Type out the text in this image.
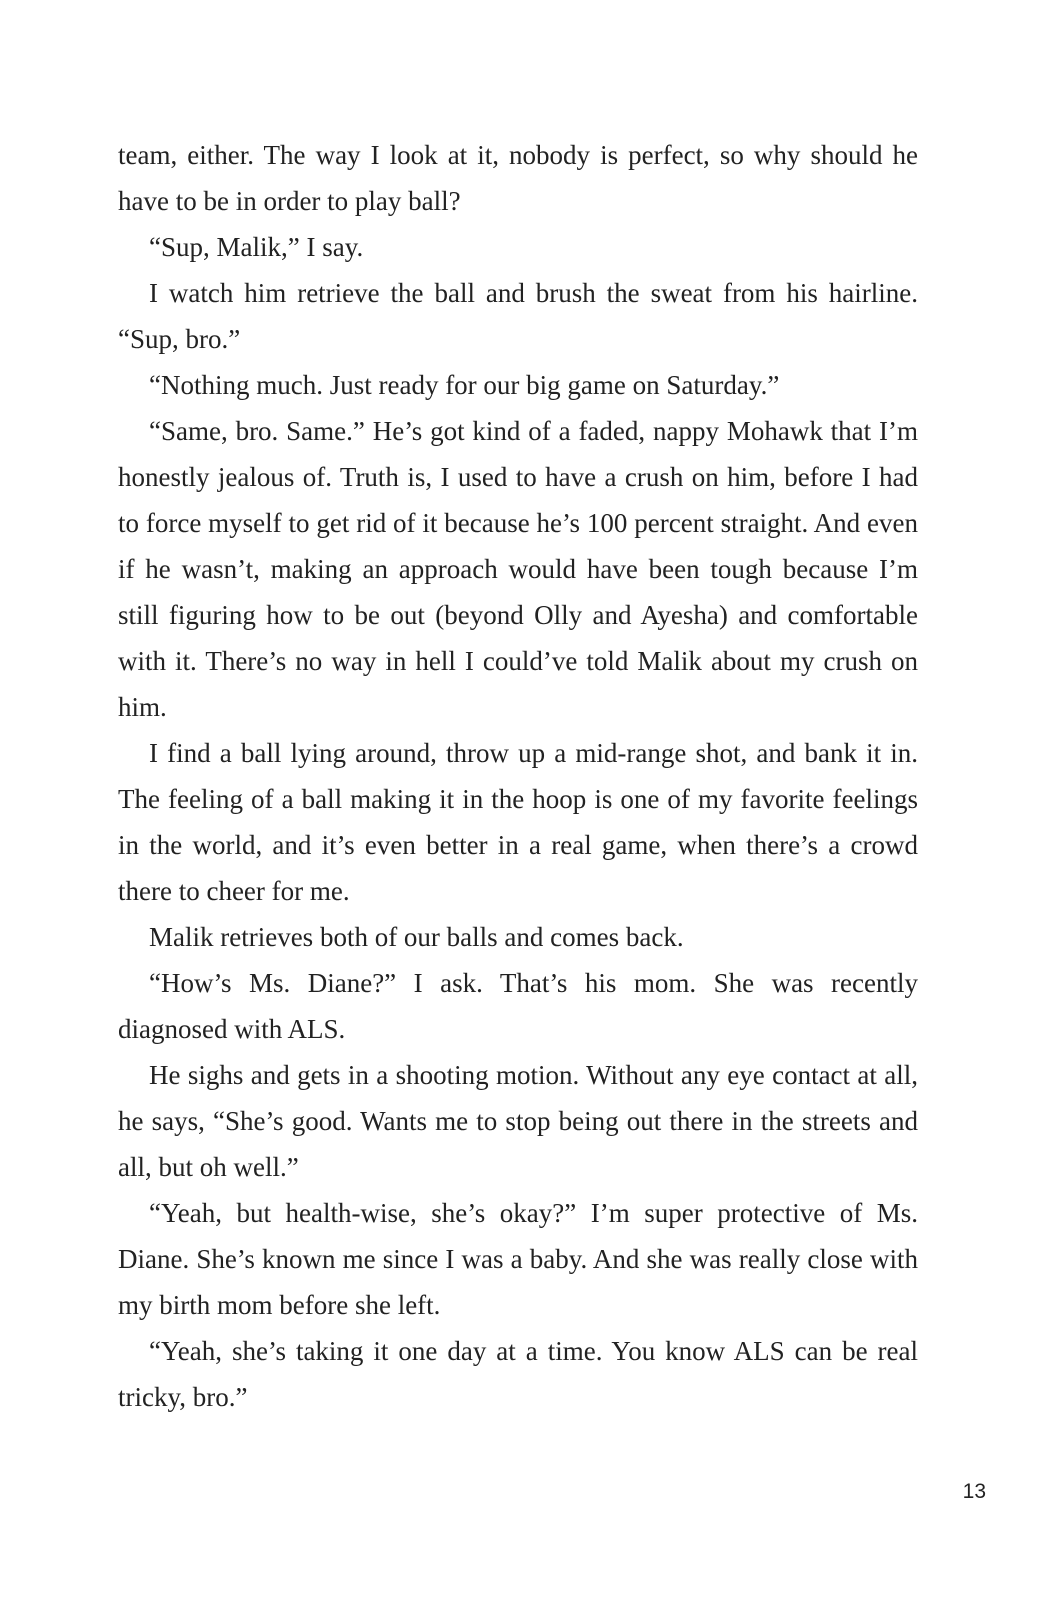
team, either. The way I look at it, nobody is perfect, so why should he have to be in order to play ball?

“Sup, Malik,” I say.

I watch him retrieve the ball and brush the sweat from his hairline. “Sup, bro.”

“Nothing much. Just ready for our big game on Saturday.”

“Same, bro. Same.” He’s got kind of a faded, nappy Mohawk that I’m honestly jealous of. Truth is, I used to have a crush on him, before I had to force myself to get rid of it because he’s 100 percent straight. And even if he wasn’t, making an approach would have been tough because I’m still figuring how to be out (beyond Olly and Ayesha) and comfortable with it. There’s no way in hell I could’ve told Malik about my crush on him.

I find a ball lying around, throw up a mid-range shot, and bank it in. The feeling of a ball making it in the hoop is one of my favorite feelings in the world, and it’s even better in a real game, when there’s a crowd there to cheer for me.

Malik retrieves both of our balls and comes back.

“How’s Ms. Diane?” I ask. That’s his mom. She was recently diagnosed with ALS.

He sighs and gets in a shooting motion. Without any eye contact at all, he says, “She’s good. Wants me to stop being out there in the streets and all, but oh well.”

“Yeah, but health-wise, she’s okay?” I’m super protective of Ms. Diane. She’s known me since I was a baby. And she was really close with my birth mom before she left.

“Yeah, she’s taking it one day at a time. You know ALS can be real tricky, bro.”

13
